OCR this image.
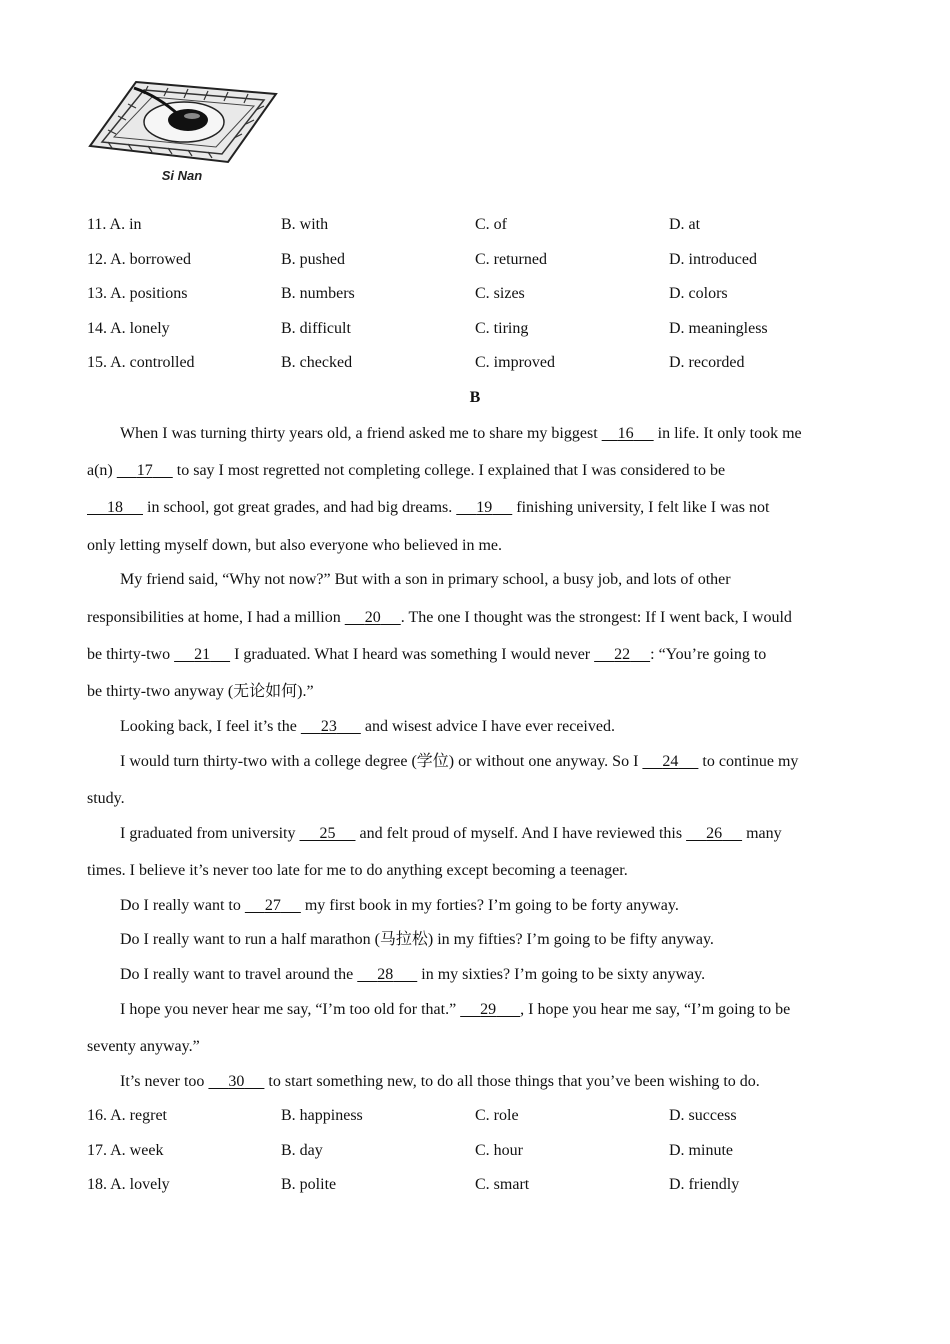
Si Nan
11. A. in	B. with	C. of	D. at
12. A. borrowed	B. pushed	C. returned	D. introduced
13. A. positions	B. numbers	C. sizes	D. colors
14. A. lonely	B. difficult	C. tiring	D. meaningless
15. A. controlled	B. checked	C. improved	D. recorded
B
When I was turning thirty years old, a friend asked me to share my biggest     16      in life. It only took me
a(n)      17      to say I most regretted not completing college. I explained that I was considered to be
18      in school, got great grades, and had big dreams.      19      finishing university, I felt like I was not
only letting myself down, but also everyone who believed in me.
My friend said, “Why not now?” But with a son in primary school, a busy job, and lots of other
responsibilities at home, I had a million      20 . The one I thought was the strongest: If I went back, I would
be thirty-two      21      I graduated. What I heard was something I would never      22 : “You’re going to
be thirty-two anyway (无论如何).”
Looking back, I feel it’s the      23       and wisest advice I have ever received.
I would turn thirty-two with a college degree (学位) or without one anyway. So I      24      to continue my
study.
I graduated from university      25      and felt proud of myself. And I have reviewed this      26      many
times. I believe it’s never too late for me to do anything except becoming a teenager.
Do I really want to      27      my first book in my forties? I’m going to be forty anyway.
Do I really want to run a half marathon (马拉松) in my fifties? I’m going to be fifty anyway.
Do I really want to travel around the      28       in my sixties? I’m going to be sixty anyway.
I hope you never hear me say, “I’m too old for that.”      29 , I hope you hear me say, “I’m going to be
seventy anyway.”
It’s never too      30      to start something new, to do all those things that you’ve been wishing to do.
16. A. regret	B. happiness	C. role	D. success
17. A. week	B. day	C. hour	D. minute
18. A. lovely	B. polite	C. smart	D. friendly
